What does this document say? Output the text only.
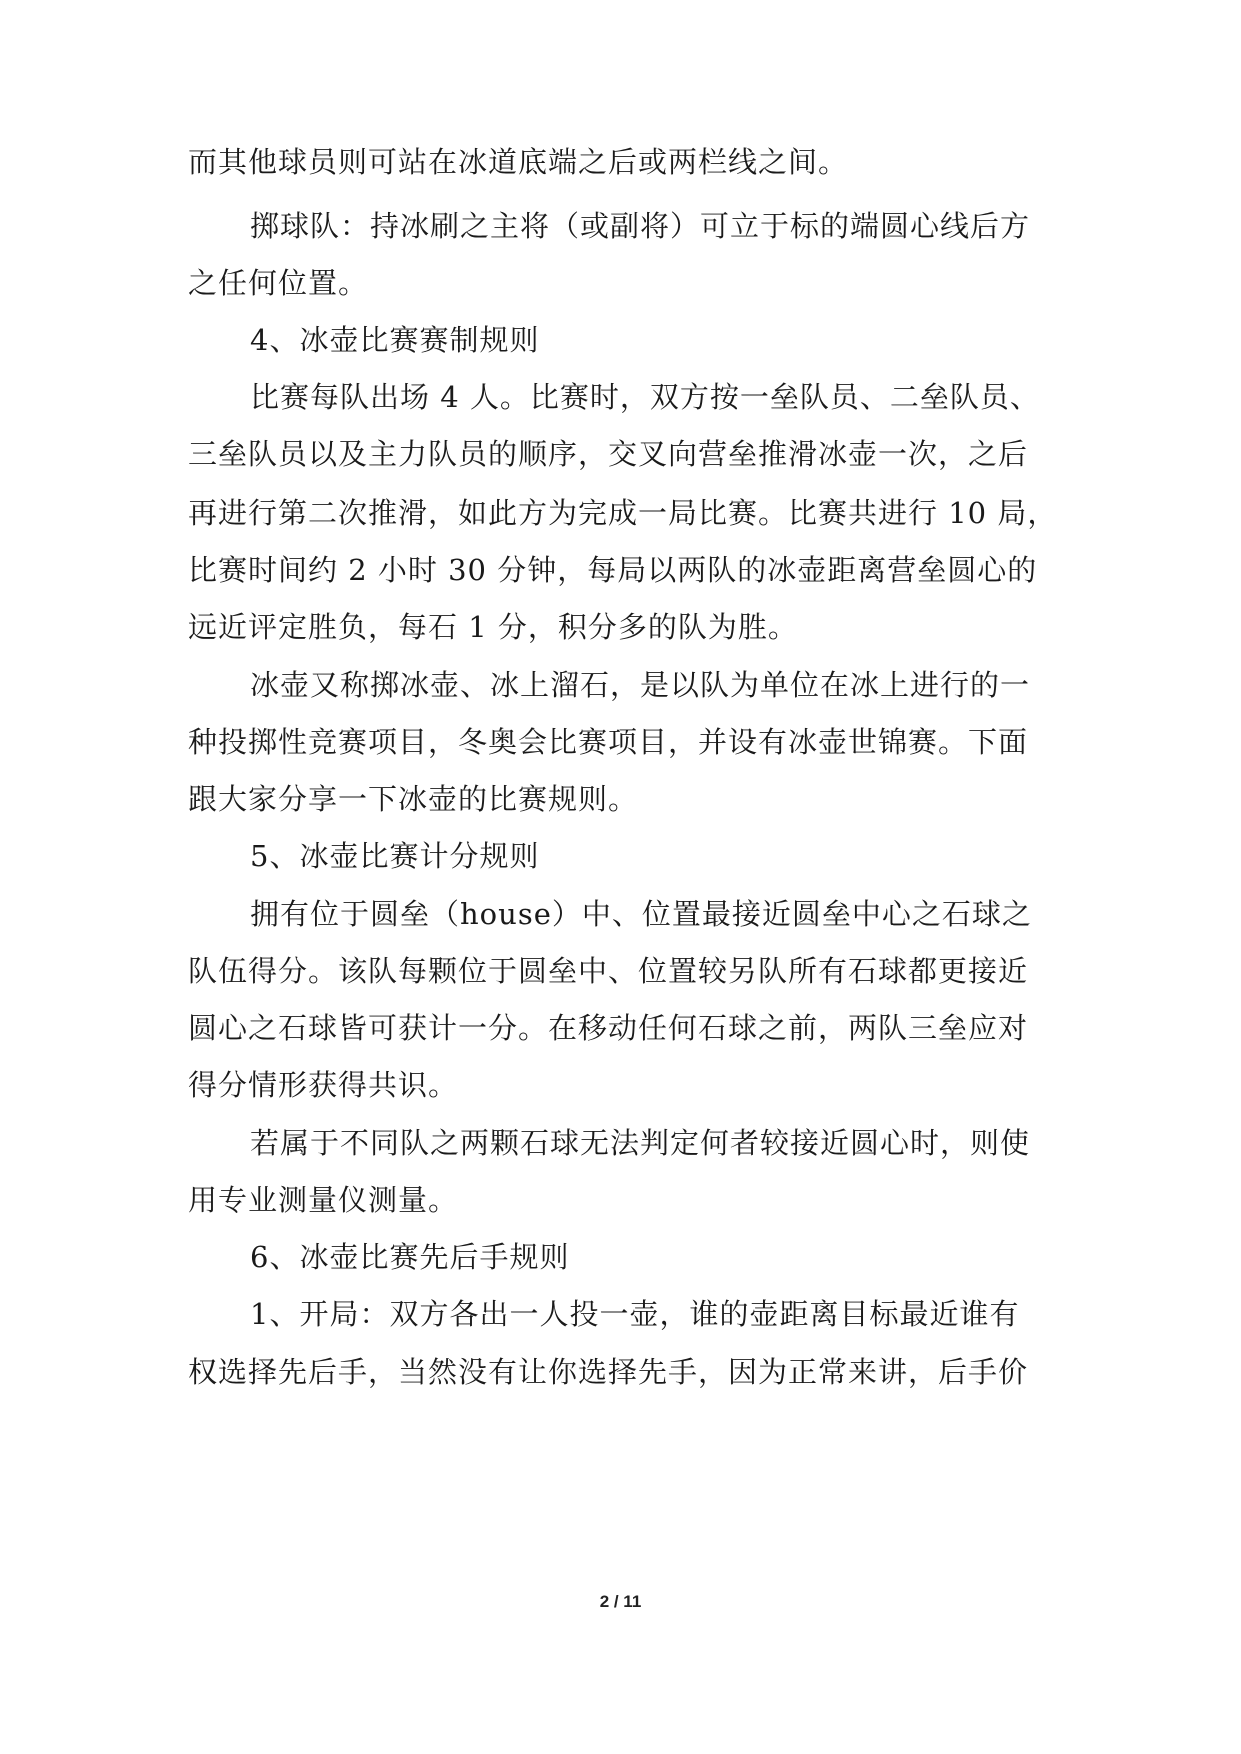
而其他球员则可站在冰道底端之后或两栏线之间。
掷球队：持冰刷之主将（或副将）可立于标的端圆心线后方
之任何位置。
4、冰壶比赛赛制规则
比赛每队出场 4 人。比赛时，双方按一垒队员、二垒队员、
三垒队员以及主力队员的顺序，交叉向营垒推滑冰壶一次，之后
再进行第二次推滑，如此方为完成一局比赛。比赛共进行 10 局，
比赛时间约 2 小时 30 分钟，每局以两队的冰壶距离营垒圆心的
远近评定胜负，每石 1 分，积分多的队为胜。
冰壶又称掷冰壶、冰上溜石，是以队为单位在冰上进行的一
种投掷性竞赛项目，冬奥会比赛项目，并设有冰壶世锦赛。下面
跟大家分享一下冰壶的比赛规则。
5、冰壶比赛计分规则
拥有位于圆垒（house）中、位置最接近圆垒中心之石球之
队伍得分。该队每颗位于圆垒中、位置较另队所有石球都更接近
圆心之石球皆可获计一分。在移动任何石球之前，两队三垒应对
得分情形获得共识。
若属于不同队之两颗石球无法判定何者较接近圆心时，则使
用专业测量仪测量。
6、冰壶比赛先后手规则
1、开局：双方各出一人投一壶，谁的壶距离目标最近谁有
权选择先后手，当然没有让你选择先手，因为正常来讲，后手价
2 / 11
